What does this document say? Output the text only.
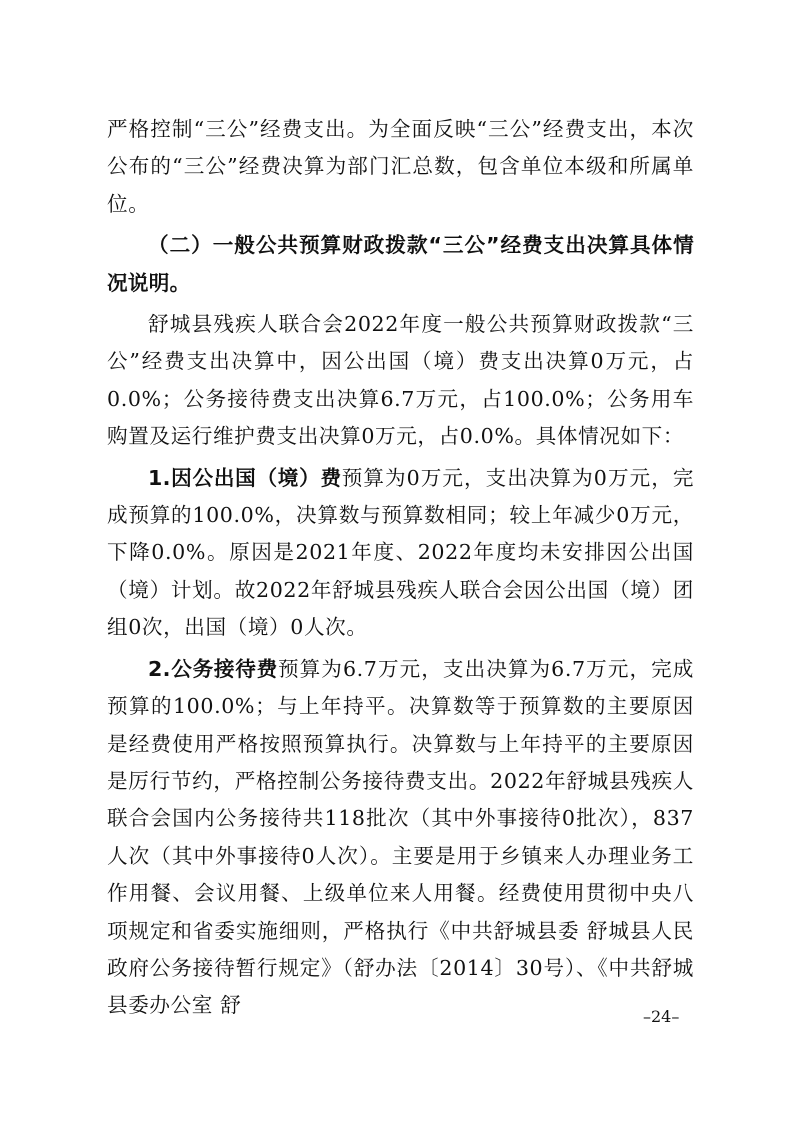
严格控制“三公”经费支出。为全面反映“三公”经费支出，本次公布的“三公”经费决算为部门汇总数，包含单位本级和所属单位。

（二）一般公共预算财政拨款“三公”经费支出决算具体情况说明。

舒城县残疾人联合会2022年度一般公共预算财政拨款“三公”经费支出决算中，因公出国（境）费支出决算0万元，占0.0%；公务接待费支出决算6.7万元，占100.0%；公务用车购置及运行维护费支出决算0万元，占0.0%。具体情况如下：

1.因公出国（境）费预算为0万元，支出决算为0万元，完成预算的100.0%，决算数与预算数相同；较上年减少0万元，下降0.0%。原因是2021年度、2022年度均未安排因公出国（境）计划。故2022年舒城县残疾人联合会因公出国（境）团组0次，出国（境）0人次。

2.公务接待费预算为6.7万元，支出决算为6.7万元，完成预算的100.0%；与上年持平。决算数等于预算数的主要原因是经费使用严格按照预算执行。决算数与上年持平的主要原因是厉行节约，严格控制公务接待费支出。2022年舒城县残疾人联合会国内公务接待共118批次（其中外事接待0批次），837人次（其中外事接待0人次）。主要是用于乡镇来人办理业务工作用餐、会议用餐、上级单位来人用餐。经费使用贯彻中央八项规定和省委实施细则，严格执行《中共舒城县委 舒城县人民政府公务接待暂行规定》（舒办法〔2014〕30号）、《中共舒城县委办公室 舒	–24–
